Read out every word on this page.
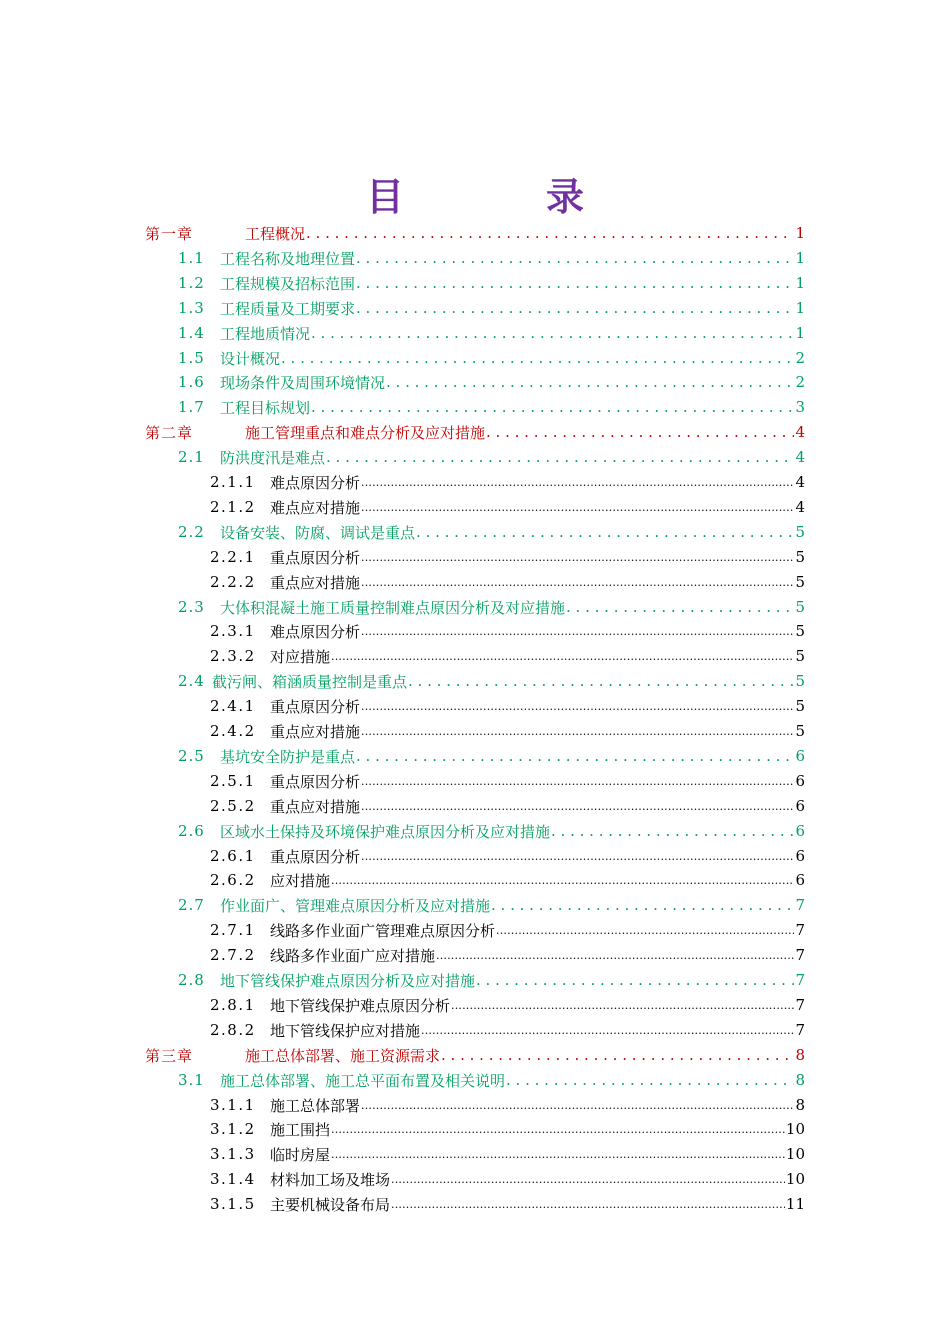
目　录
第一章	工程概况 . . .	1
1.1	工程名称及地理位置 . . .	1
1.2	工程规模及招标范围 . . .	1
1.3	工程质量及工期要求 . . .	1
1.4	工程地质情况 . . .	1
1.5	设计概况 . . .	2
1.6	现场条件及周围环境情况 . . .	2
1.7	工程目标规划 . . .	3
第二章	施工管理重点和难点分析及应对措施 . . .	4
2.1	防洪度汛是难点 . . .	4
2.1.1 难点原因分析 .....	4
2.1.2 难点应对措施 .....	4
2.2	设备安装、防腐、调试是重点 . . .	5
2.2.1 重点原因分析 .....	5
2.2.2 重点应对措施 .....	5
2.3	大体积混凝土施工质量控制难点原因分析及对应措施 . . .	5
2.3.1 难点原因分析 .....	5
2.3.2 对应措施 .....	5
2.4 截污闸、箱涵质量控制是重点 . . .	5
2.4.1 重点原因分析 .....	5
2.4.2 重点应对措施 .....	5
2.5	基坑安全防护是重点 . . .	6
2.5.1 重点原因分析 .....	6
2.5.2 重点应对措施 .....	6
2.6	区域水土保持及环境保护难点原因分析及应对措施 . . .	6
2.6.1 重点原因分析 .....	6
2.6.2 应对措施 .....	6
2.7	作业面广、管理难点原因分析及应对措施 . . .	7
2.7.1 线路多作业面广管理难点原因分析 .....	7
2.7.2 线路多作业面广应对措施 .....	7
2.8	地下管线保护难点原因分析及应对措施 . . .	7
2.8.1 地下管线保护难点原因分析 .....	7
2.8.2 地下管线保护应对措施 .....	7
第三章	施工总体部署、施工资源需求 . . .	8
3.1	施工总体部署、施工总平面布置及相关说明 . . .	8
3.1.1 施工总体部署 .....	8
3.1.2 施工围挡 .....	10
3.1.3 临时房屋 .....	10
3.1.4 材料加工场及堆场 .....	10
3.1.5 主要机械设备布局 .....	11
